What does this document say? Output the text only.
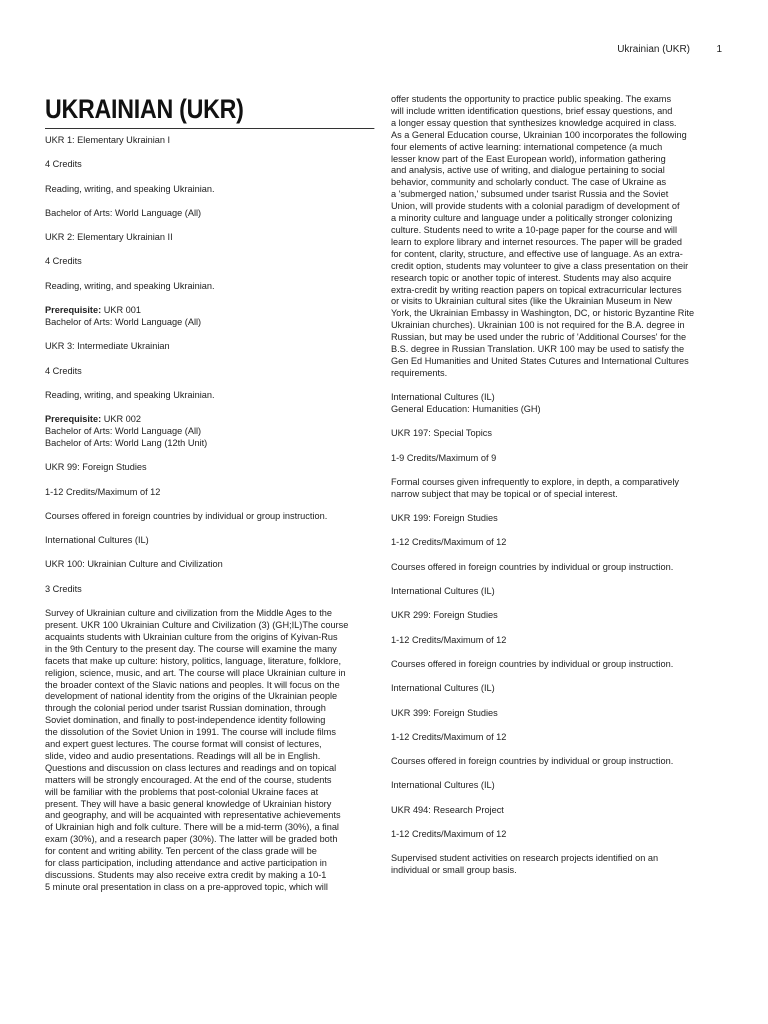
Ukrainian (UKR)	1
UKRAINIAN (UKR)
UKR 1: Elementary Ukrainian I
4 Credits
Reading, writing, and speaking Ukrainian.
Bachelor of Arts: World Language (All)
UKR 2: Elementary Ukrainian II
4 Credits
Reading, writing, and speaking Ukrainian.
Prerequisite: UKR 001
Bachelor of Arts: World Language (All)
UKR 3: Intermediate Ukrainian
4 Credits
Reading, writing, and speaking Ukrainian.
Prerequisite: UKR 002
Bachelor of Arts: World Language (All)
Bachelor of Arts: World Lang (12th Unit)
UKR 99: Foreign Studies
1-12 Credits/Maximum of 12
Courses offered in foreign countries by individual or group instruction.
International Cultures (IL)
UKR 100: Ukrainian Culture and Civilization
3 Credits
Survey of Ukrainian culture and civilization from the Middle Ages to the
present. UKR 100 Ukrainian Culture and Civilization (3) (GH;IL)The course
acquaints students with Ukrainian culture from the origins of Kyivan-Rus
in the 9th Century to the present day. The course will examine the many
facets that make up culture: history, politics, language, literature, folklore,
religion, science, music, and art. The course will place Ukrainian culture in
the broader context of the Slavic nations and peoples. It will focus on the
development of national identity from the origins of the Ukrainian people
through the colonial period under tsarist Russian domination, through
Soviet domination, and finally to post-independence identity following
the dissolution of the Soviet Union in 1991. The course will include films
and expert guest lectures. The course format will consist of lectures,
slide, video and audio presentations. Readings will all be in English.
Questions and discussion on class lectures and readings and on topical
matters will be strongly encouraged. At the end of the course, students
will be familiar with the problems that post-colonial Ukraine faces at
present. They will have a basic general knowledge of Ukrainian history
and geography, and will be acquainted with representative achievements
of Ukrainian high and folk culture. There will be a mid-term (30%), a final
exam (30%), and a research paper (30%). The latter will be graded both
for content and writing ability. Ten percent of the class grade will be
for class participation, including attendance and active participation in
discussions. Students may also receive extra credit by making a 10-1
5 minute oral presentation in class on a pre-approved topic, which will
offer students the opportunity to practice public speaking. The exams
will include written identification questions, brief essay questions, and
a longer essay question that synthesizes knowledge acquired in class.
As a General Education course, Ukrainian 100 incorporates the following
four elements of active learning: international competence (a much
lesser know part of the East European world), information gathering
and analysis, active use of writing, and dialogue pertaining to social
behavior, community and scholarly conduct. The case of Ukraine as
a 'submerged nation,' subsumed under tsarist Russia and the Soviet
Union, will provide students with a colonial paradigm of development of
a minority culture and language under a politically stronger colonizing
culture. Students need to write a 10-page paper for the course and will
learn to explore library and internet resources. The paper will be graded
for content, clarity, structure, and effective use of language. As an extra-
credit option, students may volunteer to give a class presentation on their
research topic or another topic of interest. Students may also acquire
extra-credit by writing reaction papers on topical extracurricular lectures
or visits to Ukrainian cultural sites (like the Ukrainian Museum in New
York, the Ukrainian Embassy in Washington, DC, or historic Byzantine Rite
Ukrainian churches). Ukrainian 100 is not required for the B.A. degree in
Russian, but may be used under the rubric of 'Additional Courses' for the
B.S. degree in Russian Translation. UKR 100 may be used to satisfy the
Gen Ed Humanities and United States Cutures and International Cultures
requirements.
International Cultures (IL)
General Education: Humanities (GH)
UKR 197: Special Topics
1-9 Credits/Maximum of 9
Formal courses given infrequently to explore, in depth, a comparatively
narrow subject that may be topical or of special interest.
UKR 199: Foreign Studies
1-12 Credits/Maximum of 12
Courses offered in foreign countries by individual or group instruction.
International Cultures (IL)
UKR 299: Foreign Studies
1-12 Credits/Maximum of 12
Courses offered in foreign countries by individual or group instruction.
International Cultures (IL)
UKR 399: Foreign Studies
1-12 Credits/Maximum of 12
Courses offered in foreign countries by individual or group instruction.
International Cultures (IL)
UKR 494: Research Project
1-12 Credits/Maximum of 12
Supervised student activities on research projects identified on an
individual or small group basis.
